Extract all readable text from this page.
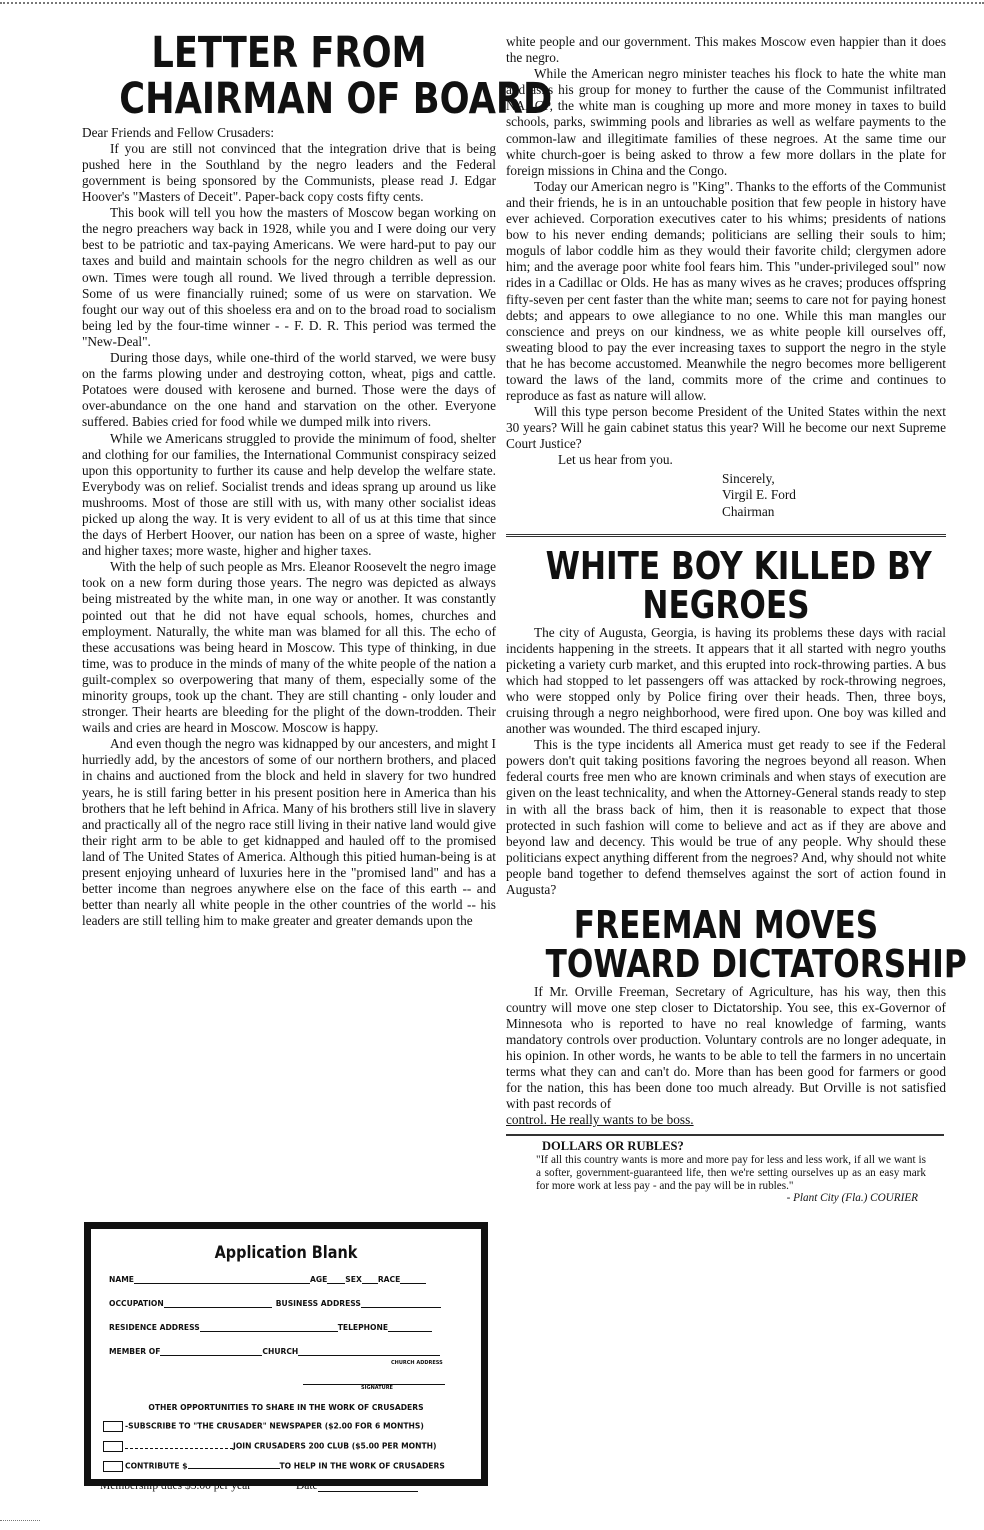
LETTER FROM
CHAIRMAN OF BOARD

Dear Friends and Fellow Crusaders:

If you are still not convinced that the integration drive that is being pushed here in the Southland by the negro leaders and the Federal government is being sponsored by the Communists, please read J. Edgar Hoover's "Masters of Deceit". Paper-back copy costs fifty cents.

This book will tell you how the masters of Moscow began working on the negro preachers way back in 1928, while you and I were doing our very best to be patriotic and tax-paying Americans. We were hard-put to pay our taxes and build and maintain schools for the negro children as well as our own. Times were tough all round. We lived through a terrible depression. Some of us were financially ruined; some of us were on starvation. We fought our way out of this shoeless era and on to the broad road to socialism being led by the four-time winner - - F. D. R. This period was termed the "New-Deal".

During those days, while one-third of the world starved, we were busy on the farms plowing under and destroying cotton, wheat, pigs and cattle. Potatoes were doused with kerosene and burned. Those were the days of over-abundance on the one hand and starvation on the other. Everyone suffered. Babies cried for food while we dumped milk into rivers.

While we Americans struggled to provide the minimum of food, shelter and clothing for our families, the International Communist conspiracy seized upon this opportunity to further its cause and help develop the welfare state. Everybody was on relief. Socialist trends and ideas sprang up around us like mushrooms. Most of those are still with us, with many other socialist ideas picked up along the way. It is very evident to all of us at this time that since the days of Herbert Hoover, our nation has been on a spree of waste, higher and higher taxes; more waste, higher and higher taxes.

With the help of such people as Mrs. Eleanor Roosevelt the negro image took on a new form during those years. The negro was depicted as always being mistreated by the white man, in one way or another. It was constantly pointed out that he did not have equal schools, homes, churches and employment. Naturally, the white man was blamed for all this. The echo of these accusations was being heard in Moscow. This type of thinking, in due time, was to produce in the minds of many of the white people of the nation a guilt-complex so overpowering that many of them, especially some of the minority groups, took up the chant. They are still chanting - only louder and stronger. Their hearts are bleeding for the plight of the down-trodden. Their wails and cries are heard in Moscow. Moscow is happy.

And even though the negro was kidnapped by our ancesters, and might I hurriedly add, by the ancestors of some of our northern brothers, and placed in chains and auctioned from the block and held in slavery for two hundred years, he is still faring better in his present position here in America than his brothers that he left behind in Africa. Many of his brothers still live in slavery and practically all of the negro race still living in their native land would give their right arm to be able to get kidnapped and hauled off to the promised land of The United States of America. Although this pitied human-being is at present enjoying unheard of luxuries here in the "promised land" and has a better income than negroes anywhere else on the face of this earth -- and better than nearly all white people in the other countries of the world -- his leaders are still telling him to make greater and greater demands upon the

Application Blank
NAME	AGE SEX RACE
OCCUPATION	BUSINESS ADDRESS
RESIDENCE ADDRESS	TELEPHONE
MEMBER OF	CHURCH
CHURCH ADDRESS
SIGNATURE
OTHER OPPORTUNITIES TO SHARE IN THE WORK OF CRUSADERS
-SUBSCRIBE TO "THE CRUSADER" NEWSPAPER ($2.00 FOR 6 MONTHS)
JOIN CRUSADERS 200 CLUB ($5.00 PER MONTH)
CONTRIBUTE $	TO HELP IN THE WORK OF CRUSADERS
Membership dues $5.00 per year	Date

white people and our government. This makes Moscow even happier than it does the negro.

While the American negro minister teaches his flock to hate the white man and asks his group for money to further the cause of the Communist infiltrated NAACP, the white man is coughing up more and more money in taxes to build schools, parks, swimming pools and libraries as well as welfare payments to the common-law and illegitimate families of these negroes. At the same time our white church-goer is being asked to throw a few more dollars in the plate for foreign missions in China and the Congo.

Today our American negro is "King". Thanks to the efforts of the Communist and their friends, he is in an untouchable position that few people in history have ever achieved. Corporation executives cater to his whims; presidents of nations bow to his never ending demands; politicians are selling their souls to him; moguls of labor coddle him as they would their favorite child; clergymen adore him; and the average poor white fool fears him. This "under-privileged soul" now rides in a Cadillac or Olds. He has as many wives as he craves; produces offspring fifty-seven per cent faster than the white man; seems to care not for paying honest debts; and appears to owe allegiance to no one. While this man mangles our conscience and preys on our kindness, we as white people kill ourselves off, sweating blood to pay the ever increasing taxes to support the negro in the style that he has become accustomed. Meanwhile the negro becomes more belligerent toward the laws of the land, commits more of the crime and continues to reproduce as fast as nature will allow.

Will this type person become President of the United States within the next 30 years? Will he gain cabinet status this year? Will he become our next Supreme Court Justice?

Let us hear from you.

Sincerely,
Virgil E. Ford
Chairman
WHITE BOY KILLED BY
NEGROES

The city of Augusta, Georgia, is having its problems these days with racial incidents happening in the streets. It appears that it all started with negro youths picketing a variety curb market, and this erupted into rock-throwing parties. A bus which had stopped to let passengers off was attacked by rock-throwing negroes, who were stopped only by Police firing over their heads. Then, three boys, cruising through a negro neighborhood, were fired upon. One boy was killed and another was wounded. The third escaped injury.

This is the type incidents all America must get ready to see if the Federal powers don't quit taking positions favoring the negroes beyond all reason. When federal courts free men who are known criminals and when stays of execution are given on the least technicality, and when the Attorney-General stands ready to step in with all the brass back of him, then it is reasonable to expect that those protected in such fashion will come to believe and act as if they are above and beyond law and decency. This would be true of any people. Why should these politicians expect anything different from the negroes? And, why should not white people band together to defend themselves against the sort of action found in Augusta?

FREEMAN MOVES
TOWARD DICTATORSHIP

If Mr. Orville Freeman, Secretary of Agriculture, has his way, then this country will move one step closer to Dictatorship. You see, this ex-Governor of Minnesota who is reported to have no real knowledge of farming, wants mandatory controls over production. Voluntary controls are no longer adequate, in his opinion. In other words, he wants to be able to tell the farmers in no uncertain terms what they can and can't do. More than has been good for farmers or good for the nation, this has been done too much already. But Orville is not satisfied with past records of

control. He really wants to be boss.

DOLLARS OR RUBLES?

"If all this country wants is more and more pay for less and less work, if all we want is a softer, government-guaranteed life, then we're setting ourselves up as an easy mark for more work at less pay - and the pay will be in rubles."

- Plant City (Fla.) COURIER
